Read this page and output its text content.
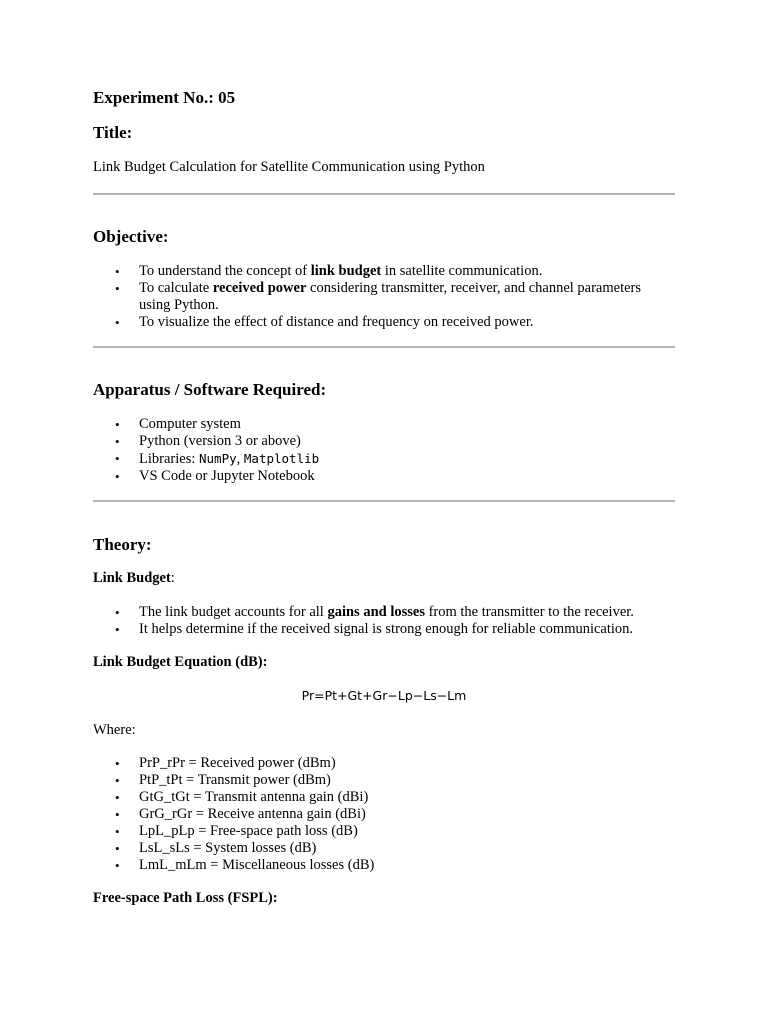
Experiment No.: 05
Title:
Link Budget Calculation for Satellite Communication using Python
Objective:
• To understand the concept of link budget in satellite communication.
• To calculate received power considering transmitter, receiver, and channel parameters using Python.
• To visualize the effect of distance and frequency on received power.
Apparatus / Software Required:
• Computer system
• Python (version 3 or above)
• Libraries: NumPy, Matplotlib
• VS Code or Jupyter Notebook
Theory:
Link Budget:
• The link budget accounts for all gains and losses from the transmitter to the receiver.
• It helps determine if the received signal is strong enough for reliable communication.
Link Budget Equation (dB):
Pr=Pt+Gt+Gr−Lp−Ls−Lm
Where:
• PrP_rPr = Received power (dBm)
• PtP_tPt = Transmit power (dBm)
• GtG_tGt = Transmit antenna gain (dBi)
• GrG_rGr = Receive antenna gain (dBi)
• LpL_pLp = Free-space path loss (dB)
• LsL_sLs = System losses (dB)
• LmL_mLm = Miscellaneous losses (dB)
Free-space Path Loss (FSPL):
